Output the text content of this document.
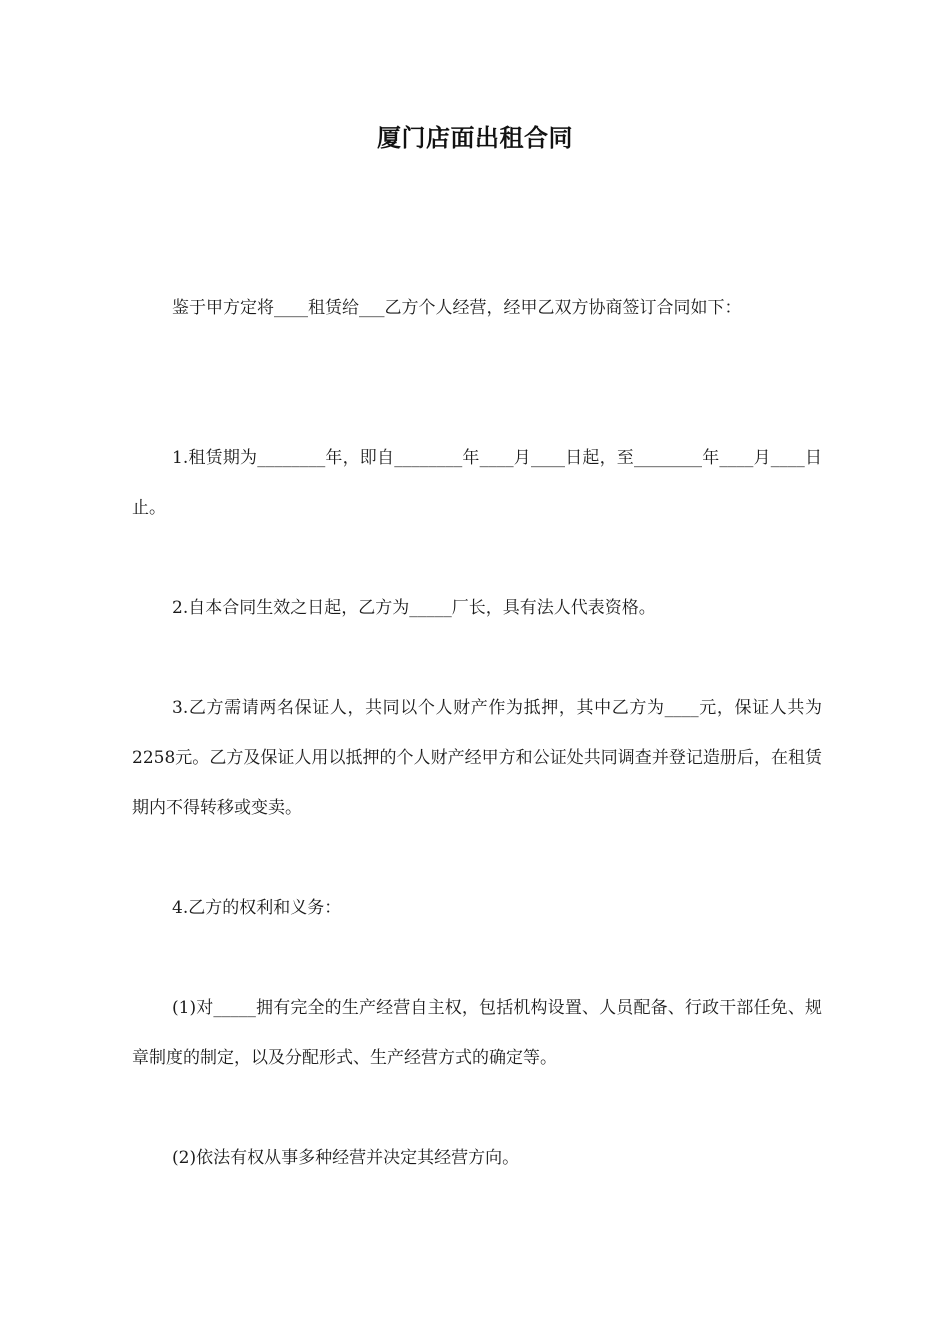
厦门店面出租合同

鉴于甲方定将____租赁给___乙方个人经营，经甲乙双方协商签订合同如下：

1.租赁期为________年，即自________年____月____日起，至________年____月____日止。

2.自本合同生效之日起，乙方为_____厂长，具有法人代表资格。

3.乙方需请两名保证人，共同以个人财产作为抵押，其中乙方为____元，保证人共为2258元。乙方及保证人用以抵押的个人财产经甲方和公证处共同调查并登记造册后，在租赁期内不得转移或变卖。

4.乙方的权利和义务：

(1)对_____拥有完全的生产经营自主权，包括机构设置、人员配备、行政干部任免、规章制度的制定，以及分配形式、生产经营方式的确定等。

(2)依法有权从事多种经营并决定其经营方向。
